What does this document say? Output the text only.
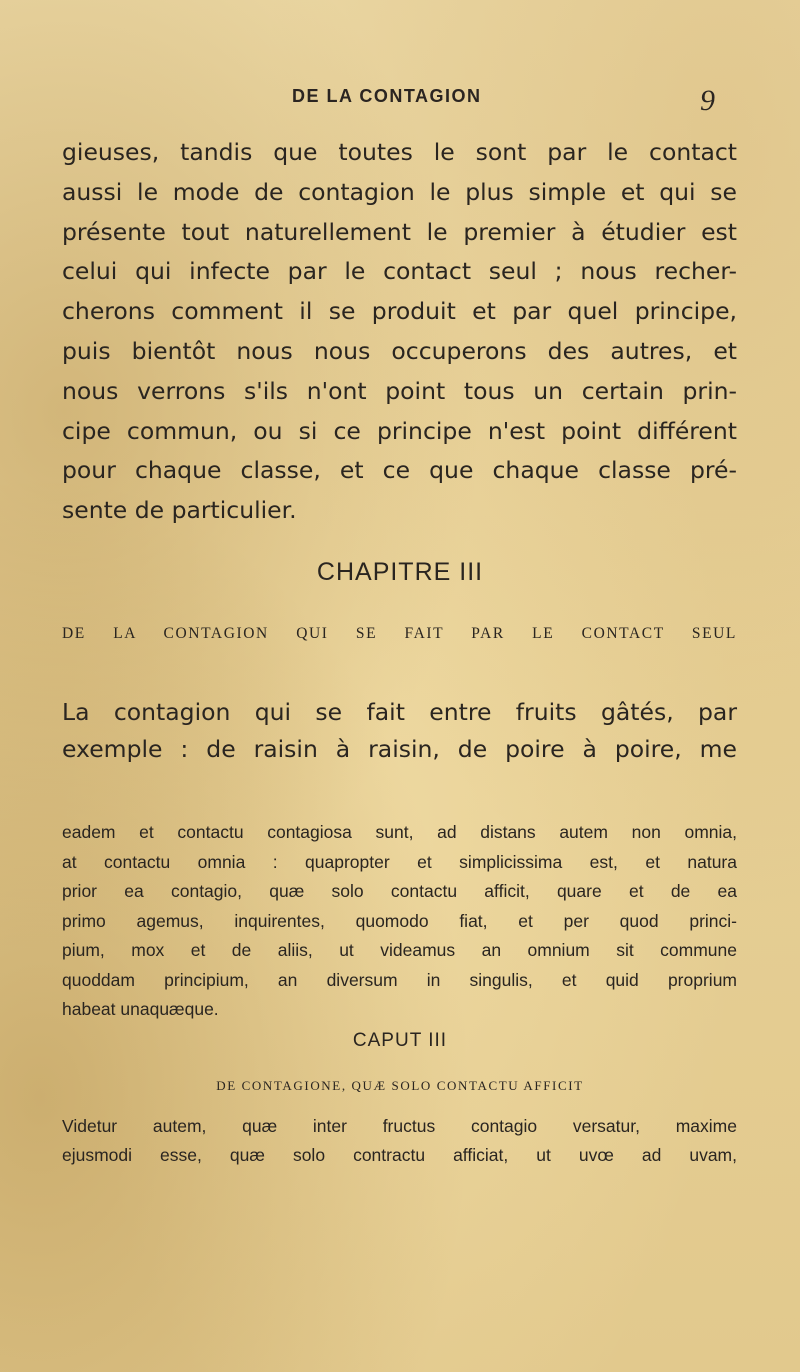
DE LA CONTAGION	9
gieuses, tandis que toutes le sont par le contact
aussi le mode de contagion le plus simple et qui se
présente tout naturellement le premier à étudier est
celui qui infecte par le contact seul ; nous recher-
cherons comment il se produit et par quel principe,
puis bientôt nous nous occuperons des autres, et
nous verrons s'ils n'ont point tous un certain prin-
cipe commun, ou si ce principe n'est point différent
pour chaque classe, et ce que chaque classe pré-
sente de particulier.
CHAPITRE III
DE LA CONTAGION QUI SE FAIT PAR LE CONTACT SEUL
La contagion qui se fait entre fruits gâtés, par
exemple : de raisin à raisin, de poire à poire, me
eadem et contactu contagiosa sunt, ad distans autem non omnia,
at contactu omnia : quapropter et simplicissima est, et natura
prior ea contagio, quæ solo contactu afficit, quare et de ea
primo agemus, inquirentes, quomodo fiat, et per quod princi-
pium, mox et de aliis, ut videamus an omnium sit commune
quoddam principium, an diversum in singulis, et quid proprium
habeat unaquæque.
CAPUT III
DE CONTAGIONE, QUÆ SOLO CONTACTU AFFICIT
Videtur autem, quæ inter fructus contagio versatur, maxime
ejusmodi esse, quæ solo contractu afficiat, ut uvœ ad uvam,
